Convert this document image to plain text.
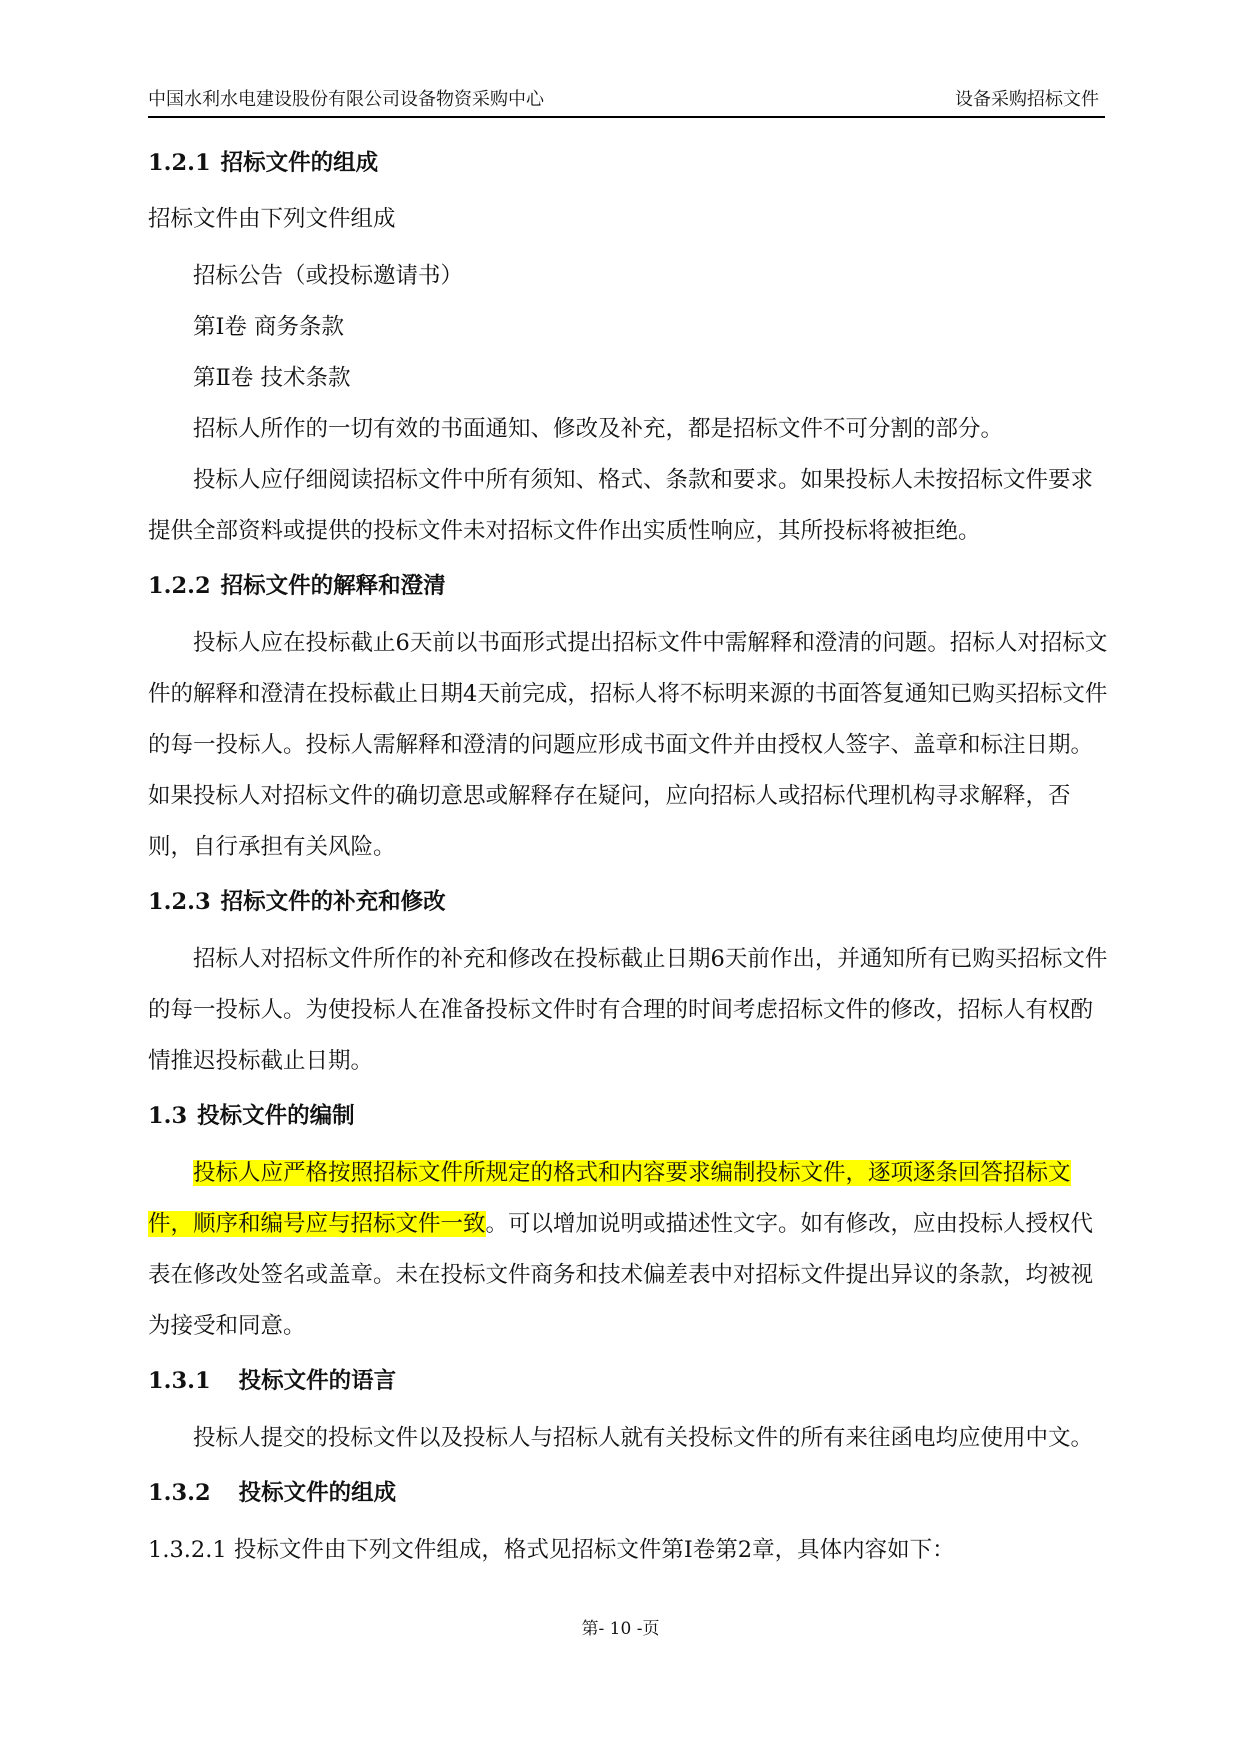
中国水利水电建设股份有限公司设备物资采购中心	设备采购招标文件
1.2.1 招标文件的组成

招标文件由下列文件组成

招标公告（或投标邀请书）

第Ⅰ卷 商务条款

第Ⅱ卷 技术条款

招标人所作的一切有效的书面通知、修改及补充，都是招标文件不可分割的部分。

投标人应仔细阅读招标文件中所有须知、格式、条款和要求。如果投标人未按招标文件要求提供全部资料或提供的投标文件未对招标文件作出实质性响应，其所投标将被拒绝。

1.2.2 招标文件的解释和澄清

投标人应在投标截止6天前以书面形式提出招标文件中需解释和澄清的问题。招标人对招标文件的解释和澄清在投标截止日期4天前完成，招标人将不标明来源的书面答复通知已购买招标文件的每一投标人。投标人需解释和澄清的问题应形成书面文件并由授权人签字、盖章和标注日期。如果投标人对招标文件的确切意思或解释存在疑问，应向招标人或招标代理机构寻求解释，否则，自行承担有关风险。

1.2.3 招标文件的补充和修改

招标人对招标文件所作的补充和修改在投标截止日期6天前作出，并通知所有已购买招标文件的每一投标人。为使投标人在准备投标文件时有合理的时间考虑招标文件的修改，招标人有权酌情推迟投标截止日期。

1.3 投标文件的编制

投标人应严格按照招标文件所规定的格式和内容要求编制投标文件，逐项逐条回答招标文件，顺序和编号应与招标文件一致。可以增加说明或描述性文字。如有修改，应由投标人授权代表在修改处签名或盖章。未在投标文件商务和技术偏差表中对招标文件提出异议的条款，均被视为接受和同意。

1.3.1 投标文件的语言

投标人提交的投标文件以及投标人与招标人就有关投标文件的所有来往函电均应使用中文。

1.3.2 投标文件的组成

1.3.2.1 投标文件由下列文件组成，格式见招标文件第Ⅰ卷第2章，具体内容如下：

第- 10 -页
